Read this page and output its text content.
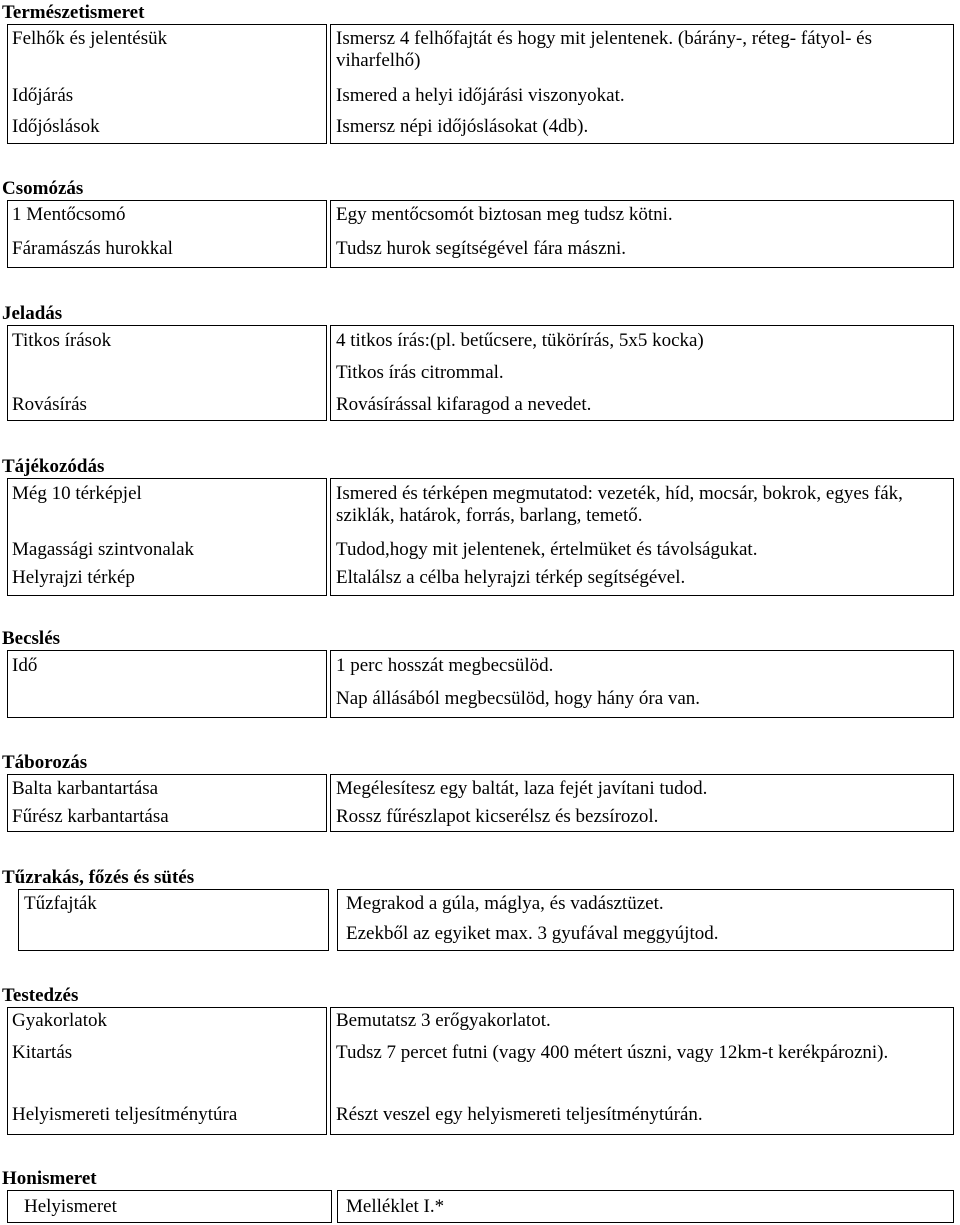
Természetismeret
Felhők és jelentésük	Ismersz 4 felhőfajtát és hogy mit jelentenek. (bárány-, réteg- fátyol- és viharfelhő)
Időjárás	Ismered a helyi időjárási viszonyokat.
Időjóslások	Ismersz népi időjóslásokat (4db).
Csomózás
1 Mentőcsomó	Egy mentőcsomót biztosan meg tudsz kötni.
Fáramászás hurokkal	Tudsz hurok segítségével fára mászni.
Jeladás
Titkos írások	4 titkos írás:(pl. betűcsere, tükörírás, 5x5 kocka)
Titkos írás citrommal.
Rovásírás	Rovásírással kifaragod a nevedet.
Tájékozódás
Még 10 térképjel	Ismered és térképen megmutatod: vezeték, híd, mocsár, bokrok, egyes fák, sziklák, határok, forrás, barlang, temető.
Magassági szintvonalak	Tudod,hogy mit jelentenek, értelmüket és távolságukat.
Helyrajzi térkép	Eltalálsz a célba helyrajzi térkép segítségével.
Becslés
Idő	1 perc hosszát megbecsülöd.
Nap állásából megbecsülöd, hogy hány óra van.
Táborozás
Balta karbantartása	Megélesítesz egy baltát, laza fejét javítani tudod.
Fűrész karbantartása	Rossz fűrészlapot kicserélsz és bezsírozol.
Tűzrakás, főzés és sütés
Tűzfajták	Megrakod a gúla, máglya, és vadásztüzet.
Ezekből az egyiket max. 3 gyufával meggyújtod.
Testedzés
Gyakorlatok	Bemutatsz 3 erőgyakorlatot.
Kitartás	Tudsz 7 percet futni (vagy 400 métert úszni, vagy 12km-t kerékpározni).
Helyismereti teljesítménytúra	Részt veszel egy helyismereti teljesítménytúrán.
Honismeret
Helyismeret	Melléklet I.*
